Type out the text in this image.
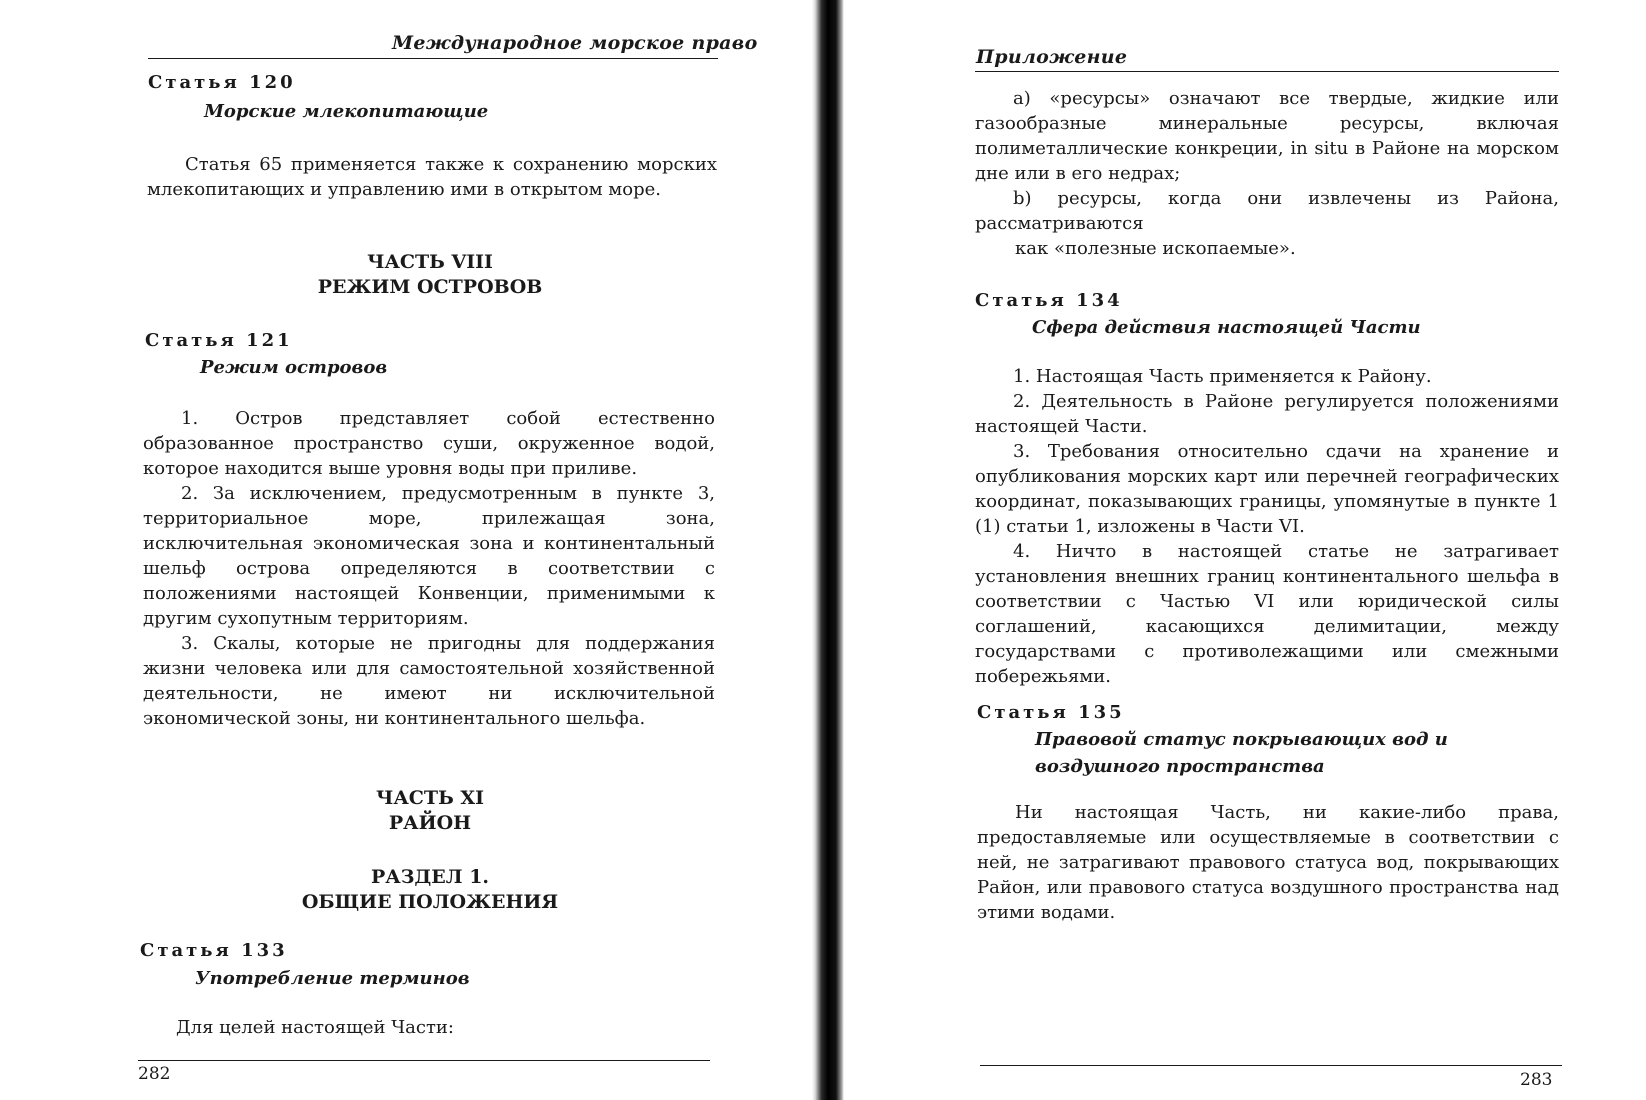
Международное морское право
Статья 120
Морские млекопитающие

Статья 65 применяется также к сохранению морских млекопитающих и управлению ими в открытом море.

ЧАСТЬ VIII
РЕЖИМ ОСТРОВОВ
Статья 121
Режим островов

1. Остров представляет собой естественно образованное пространство суши, окруженное водой, которое находится выше уровня воды при приливе.

2. За исключением, предусмотренным в пункте 3, территориальное море, прилежащая зона, исключительная экономическая зона и континентальный шельф острова определяются в соответствии с положениями настоящей Конвенции, применимыми к другим сухопутным территориям.

3. Скалы, которые не пригодны для поддержания жизни человека или для самостоятельной хозяйственной деятельности, не имеют ни исключительной экономической зоны, ни континентального шельфа.

ЧАСТЬ XI
РАЙОН
РАЗДЕЛ 1.
ОБЩИЕ ПОЛОЖЕНИЯ
Статья 133
Употребление терминов

Для целей настоящей Части:

282
Приложение

a) «ресурсы» означают все твердые, жидкие или газообразные минеральные ресурсы, включая полиметаллические конкреции, in situ в Районе на морском дне или в его недрах;

b) ресурсы, когда они извлечены из Района, рассматриваются

как «полезные ископаемые».

Статья 134
Сфера действия настоящей Части

1. Настоящая Часть применяется к Району.

2. Деятельность в Районе регулируется положениями настоящей Части.

3. Требования относительно сдачи на хранение и опубликования морских карт или перечней географических координат, показывающих границы, упомянутые в пункте 1 (1) статьи 1, изложены в Части VI.

4. Ничто в настоящей статье не затрагивает установления внешних границ континентального шельфа в соответствии с Частью VI или юридической силы соглашений, касающихся делимитации, между государствами с противолежащими или смежными побережьями.

Статья 135
Правовой статус покрывающих вод и воздушного пространства

Ни настоящая Часть, ни какие-либо права, предоставляемые или осуществляемые в соответствии с ней, не затрагивают правового статуса вод, покрывающих Район, или правового статуса воздушного пространства над этими водами.

283
